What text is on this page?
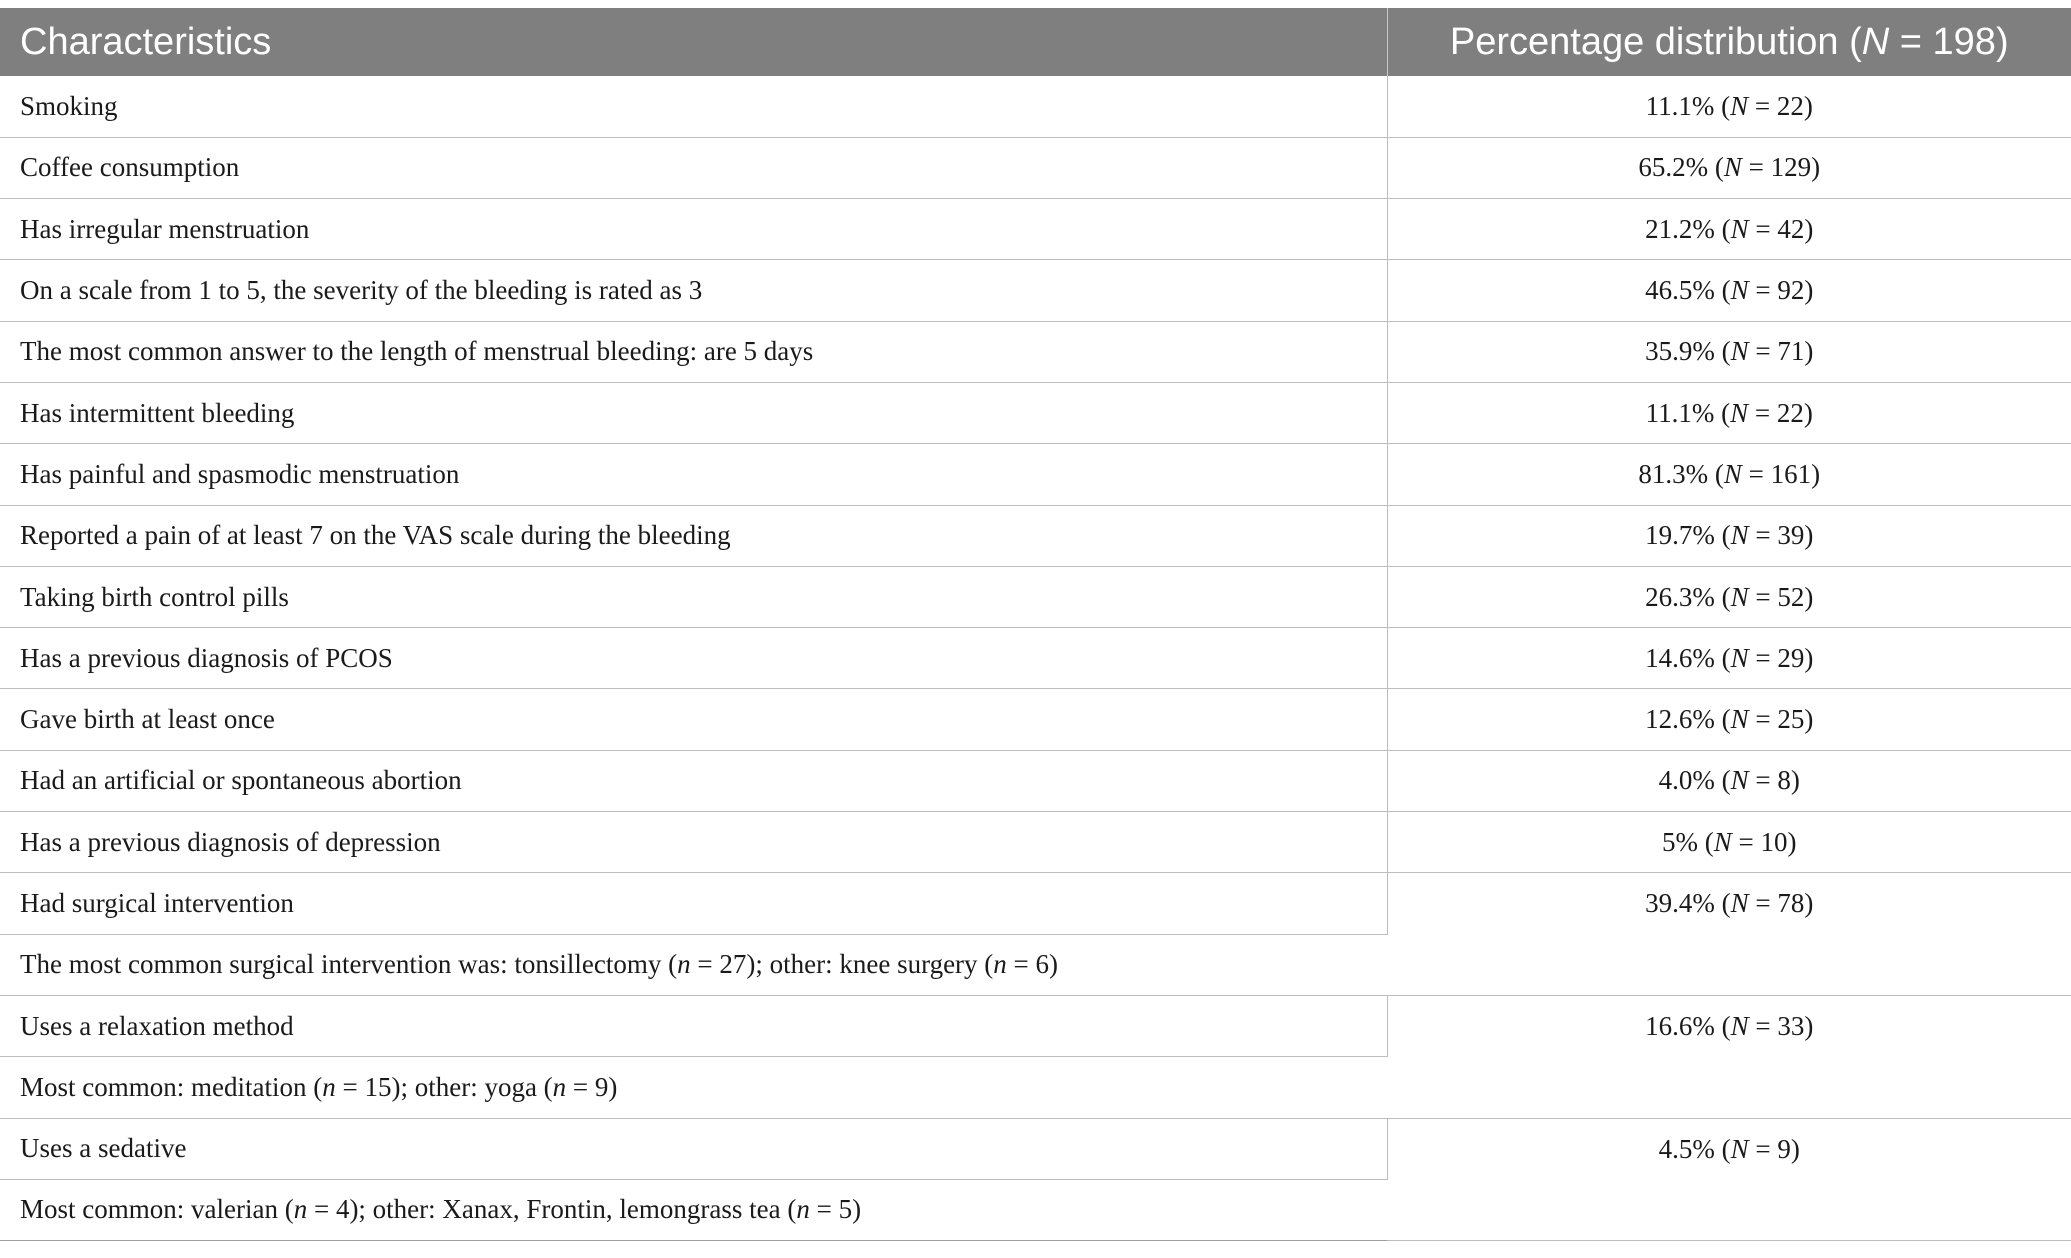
Characteristics	Percentage distribution (N = 198)
Smoking	11.1% (N = 22)
Coffee consumption	65.2% (N = 129)
Has irregular menstruation	21.2% (N = 42)
On a scale from 1 to 5, the severity of the bleeding is rated as 3	46.5% (N = 92)
The most common answer to the length of menstrual bleeding: are 5 days	35.9% (N = 71)
Has intermittent bleeding	11.1% (N = 22)
Has painful and spasmodic menstruation	81.3% (N = 161)
Reported a pain of at least 7 on the VAS scale during the bleeding	19.7% (N = 39)
Taking birth control pills	26.3% (N = 52)
Has a previous diagnosis of PCOS	14.6% (N = 29)
Gave birth at least once	12.6% (N = 25)
Had an artificial or spontaneous abortion	4.0% (N = 8)
Has a previous diagnosis of depression	5% (N = 10)
Had surgical intervention	39.4% (N = 78)
The most common surgical intervention was: tonsillectomy (n = 27); other: knee surgery (n = 6)	
Uses a relaxation method	16.6% (N = 33)
Most common: meditation (n = 15); other: yoga (n = 9)	
Uses a sedative	4.5% (N = 9)
Most common: valerian (n = 4); other: Xanax, Frontin, lemongrass tea (n = 5)	
